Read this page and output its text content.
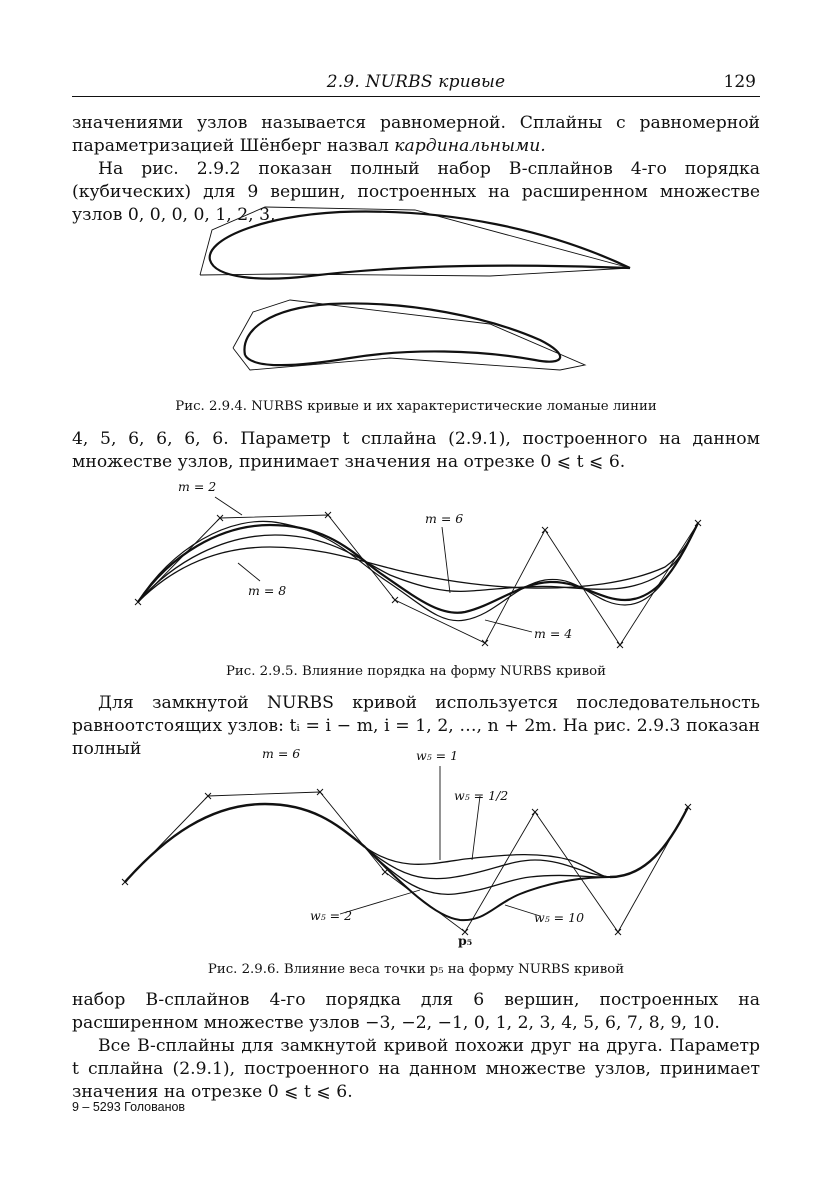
2.9. NURBS кривые	129

значениями узлов называется равномерной. Сплайны с равномерной параметризацией Шёнберг назвал кардинальными.

На рис. 2.9.2 показан полный набор B-сплайнов 4-го порядка (кубических) для 9 вершин, построенных на расширенном множестве узлов 0, 0, 0, 0, 1, 2, 3,

Рис. 2.9.4. NURBS кривые и их характеристические ломаные линии

4, 5, 6, 6, 6, 6. Параметр t сплайна (2.9.1), построенного на данном множестве узлов, принимает значения на отрезке 0 ⩽ t ⩽ 6.

m = 2
m = 6
m = 8
m = 4

Рис. 2.9.5. Влияние порядка на форму NURBS кривой

Для замкнутой NURBS кривой используется последовательность равноотстоящих узлов: tᵢ = i − m, i = 1, 2, …, n + 2m. На рис. 2.9.3 показан полный	m = 6	w₅ = 1
w₅ = 1/2
w₅ = 2	w₅ = 10
p₅

Рис. 2.9.6. Влияние веса точки p₅ на форму NURBS кривой

набор B-сплайнов 4-го порядка для 6 вершин, построенных на расширенном множестве узлов −3, −2, −1, 0, 1, 2, 3, 4, 5, 6, 7, 8, 9, 10.

Все B-сплайны для замкнутой кривой похожи друг на друга. Параметр t сплайна (2.9.1), построенного на данном множестве узлов, принимает значения на отрезке 0 ⩽ t ⩽ 6.

9 – 5293 Голованов
